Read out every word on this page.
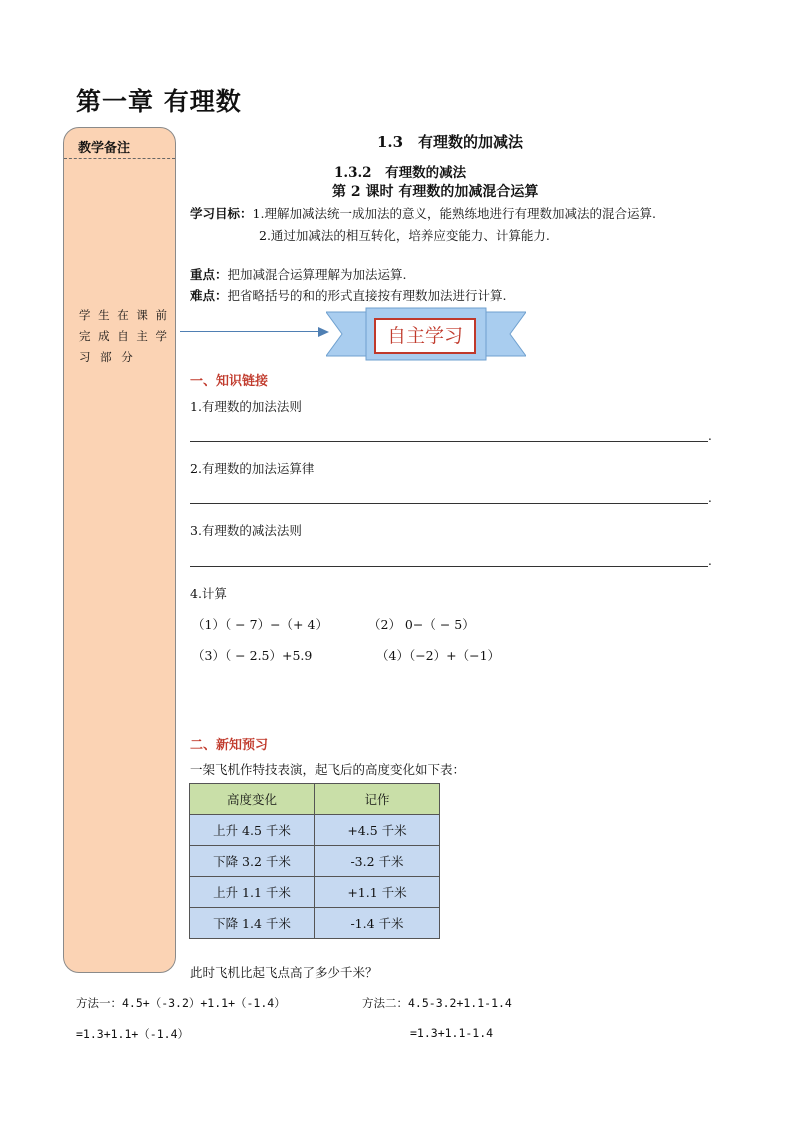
第一章 有理数
教学备注
学 生 在 课 前
完 成 自 主 学
习 部 分
1.3　有理数的加减法
1.3.2　有理数的减法
第 2 课时 有理数的加减混合运算
学习目标：1.理解加减法统一成加法的意义，能熟练地进行有理数加减法的混合运算.
2.通过加减法的相互转化，培养应变能力、计算能力.
重点：把加减混合运算理解为加法运算.
难点：把省略括号的和的形式直接按有理数加法进行计算.
自主学习
一、知识链接
1.有理数的加法法则
.
2.有理数的加法运算律
.
3.有理数的减法法则
.
4.计算
（1）（ − 7）−（+ 4）	（2） 0−（ − 5）
（3）（ − 2.5）+5.9	（4）（−2）+（−1）
二、新知预习
一架飞机作特技表演，起飞后的高度变化如下表：
高度变化	记作
上升 4.5 千米	+4.5 千米
下降 3.2 千米	-3.2 千米
上升 1.1 千米	+1.1 千米
下降 1.4 千米	-1.4 千米
此时飞机比起飞点高了多少千米？
方法一：4.5+（-3.2）+1.1+（-1.4）
=1.3+1.1+（-1.4）
方法二：4.5-3.2+1.1-1.4
=1.3+1.1-1.4
